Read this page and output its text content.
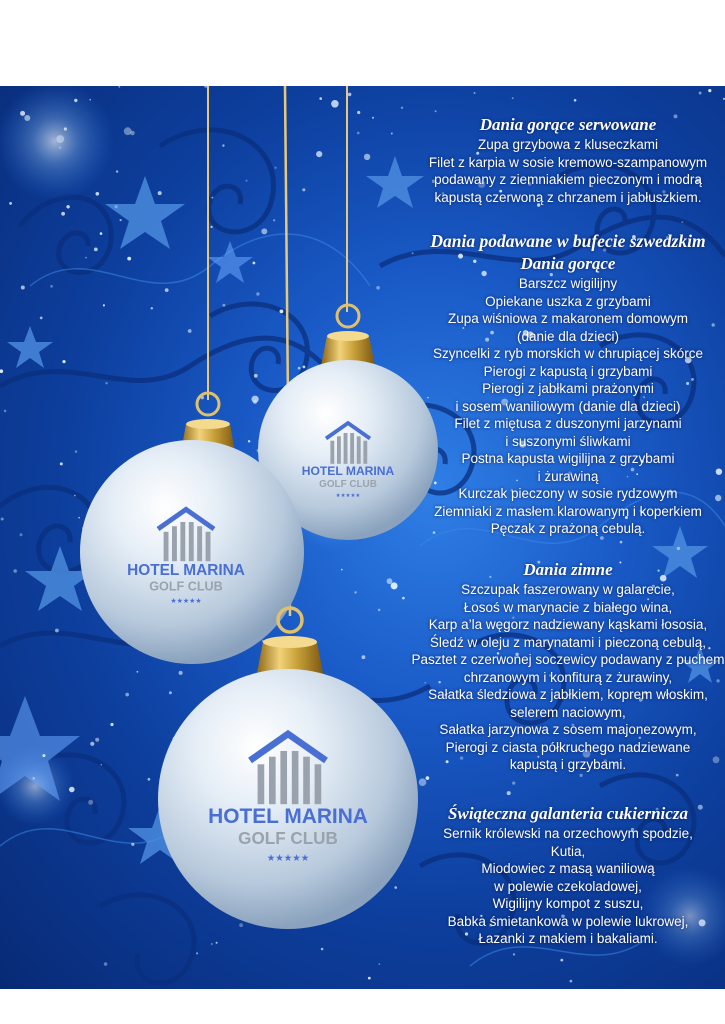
HOTEL MARINA
GOLF CLUB
★★★★★
HOTEL MARINA
GOLF CLUB
★★★★★
HOTEL MARINA
GOLF CLUB
★★★★★
Dania gorące serwowane
Zupa grzybowa z kluseczkami
Filet z karpia w sosie kremowo-szampanowym
podawany z ziemniakiem pieczonym i modrą
kapustą czerwoną z chrzanem i jabłuszkiem.
Dania podawane w bufecie szwedzkim
Dania gorące
Barszcz wigilijny
Opiekane uszka z grzybami
Zupa wiśniowa z makaronem domowym
(danie dla dzieci)
Szyncelki z ryb morskich w chrupiącej skórce
Pierogi z kapustą i grzybami
Pierogi z jabłkami prażonymi
i sosem waniliowym (danie dla dzieci)
Filet z miętusa z duszonymi jarzynami
i suszonymi śliwkami
Postna kapusta wigilijna z grzybami
i żurawiną
Kurczak pieczony w sosie rydzowym
Ziemniaki z masłem klarowanym i koperkiem
Pęczak z prażoną cebulą.
Dania zimne
Szczupak faszerowany w galarecie,
Łosoś w marynacie z białego wina,
Karp a’la węgorz nadziewany kąskami łososia,
Śledź w oleju z marynatami i pieczoną cebulą,
Pasztet z czerwonej soczewicy podawany z puchem
chrzanowym i konfiturą z żurawiny,
Sałatka śledziowa z jabłkiem, koprem włoskim,
selerem naciowym,
Sałatka jarzynowa z sosem majonezowym,
Pierogi z ciasta półkruchego nadziewane
kapustą i grzybami.
Świąteczna galanteria cukiernicza
Sernik królewski na orzechowym spodzie,
Kutia,
Miodowiec z masą waniliową
w polewie czekoladowej,
Wigilijny kompot z suszu,
Babka śmietankowa w polewie lukrowej,
Łazanki z makiem i bakaliami.
